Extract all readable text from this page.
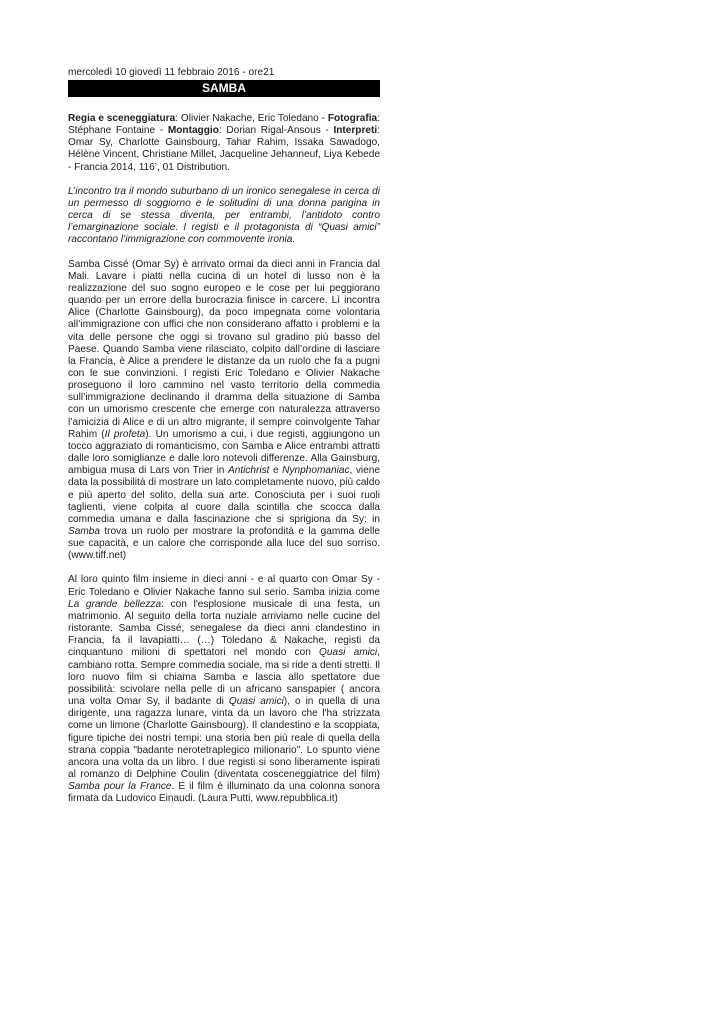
mercoledì 10 giovedì 11 febbraio 2016 - ore21
SAMBA

Regia e sceneggiatura: Olivier Nakache, Eric Toledano - Fotografia: Stéphane Fontaine - Montaggio: Dorian Rigal-Ansous - Interpreti: Omar Sy, Charlotte Gainsbourg, Tahar Rahim, Issaka Sawadogo, Hélène Vincent, Christiane Millet, Jacqueline Jehanneuf, Liya Kebede - Francia 2014, 116’, 01 Distribution.

L’incontro tra il mondo suburbano di un ironico senegalese in cerca di un permesso di soggiorno e le solitudini di una donna parigina in cerca di se stessa diventa, per entrambi, l’antidoto contro l’emarginazione sociale. I registi e il protagonista di “Quasi amici” raccontano l’immigrazione con commovente ironia.

Samba Cissé (Omar Sy) è arrivato ormai da dieci anni in Francia dal Mali. Lavare i piatti nella cucina di un hotel di lusso non è la realizzazione del suo sogno europeo e le cose per lui peggiorano quando per un errore della burocrazia finisce in carcere. Lì incontra Alice (Charlotte Gainsbourg), da poco impegnata come volontaria all’immigrazione con uffici che non considerano affatto i problemi e la vita delle persone che oggi si trovano sul gradino più basso del Paese. Quando Samba viene rilasciato, colpito dall’ordine di lasciare la Francia, è Alice a prendere le distanze da un ruolo che fa a pugni con le sue convinzioni. I registi Eric Toledano e Olivier Nakache proseguono il loro cammino nel vasto territorio della commedia sull’immigrazione declinando il dramma della situazione di Samba con un umorismo crescente che emerge con naturalezza attraverso l’amicizia di Alice e di un altro migrante, il sempre coinvolgente Tahar Rahim (Il profeta). Un umorismo a cui, i due registi, aggiungono un tocco aggraziato di romanticismo, con Samba e Alice entrambi attratti dalle loro somiglianze e dalle loro notevoli differenze. Alla Gainsburg, ambigua musa di Lars von Trier in Antichrist e Nynphomaniac, viene data la possibilità di mostrare un lato completamente nuovo, più caldo e più aperto del solito, della sua arte. Conosciuta per i suoi ruoli taglienti, viene colpita al cuore dalla scintilla che scocca dalla commedia umana e dalla fascinazione che si sprigiona da Sy: in Samba trova un ruolo per mostrare la profondità e la gamma delle sue capacità, e un calore che corrisponde alla luce del suo sorriso. (www.tiff.net)

Al loro quinto film insieme in dieci anni - e al quarto con Omar Sy - Eric Toledano e Olivier Nakache fanno sul serio. Samba inizia come La grande bellezza: con l'esplosione musicale di una festa, un matrimonio. Al seguito della torta nuziale arriviamo nelle cucine del ristorante. Samba Cissé, senegalese da dieci anni clandestino in Francia, fa il lavapiatti… (…) Toledano & Nakache, registi da cinquantuno milioni di spettatori nel mondo con Quasi amici, cambiano rotta. Sempre commedia sociale, ma si ride a denti stretti. Il loro nuovo film si chiama Samba e lascia allo spettatore due possibilità: scivolare nella pelle di un africano sanspapier ( ancora una volta Omar Sy, il badante di Quasi amici), o in quella di una dirigente, una ragazza lunare, vinta da un lavoro che l'ha strizzata come un limone (Charlotte Gainsbourg). Il clandestino e la scoppiata, figure tipiche dei nostri tempi: una storia ben più reale di quella della strana coppia "badante nerotetraplegico milionario". Lo spunto viene ancora una volta da un libro. I due registi si sono liberamente ispirati al romanzo di Delphine Coulin (diventata cosceneggiatrice del film) Samba pour la France. E il film è illuminato da una colonna sonora firmata da Ludovico Einaudi. (Laura Putti, www.repubblica.it)
